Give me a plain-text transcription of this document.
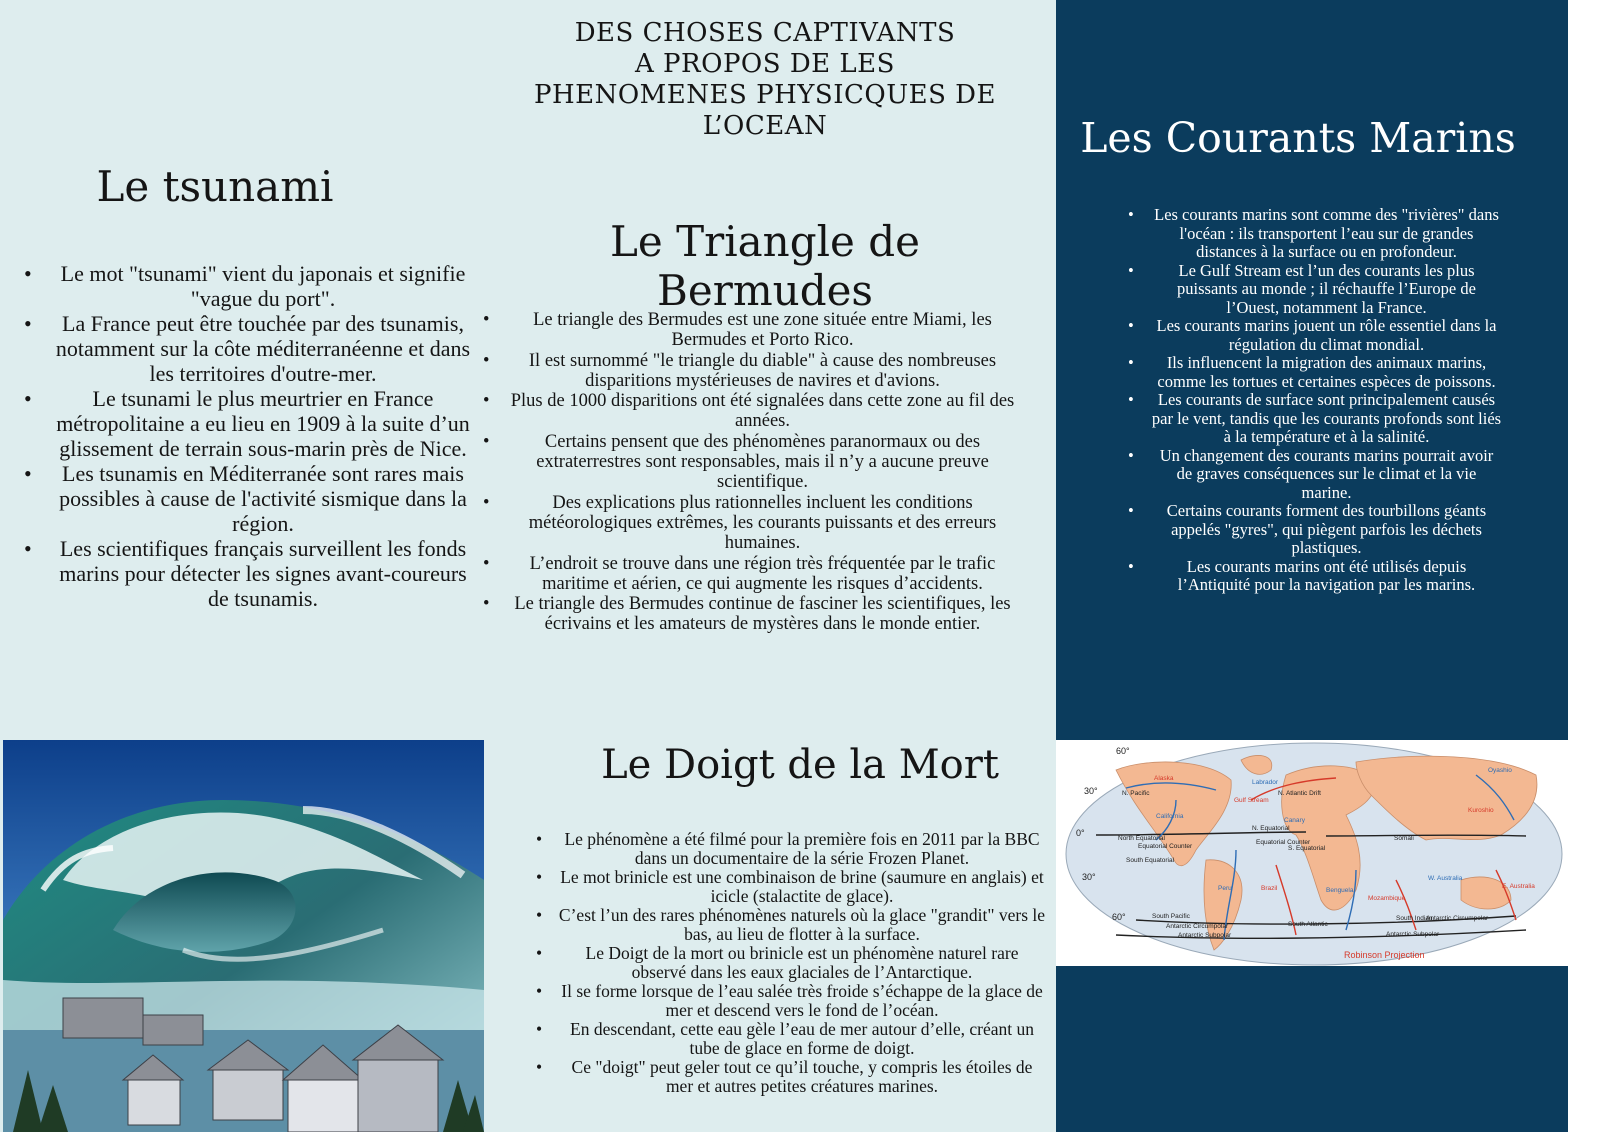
DES CHOSES CAPTIVANTS
A PROPOS DE LES
PHENOMENES PHYSICQUES DE
L’OCEAN
Le tsunami
• Le mot "tsunami" vient du japonais et signifie "vague du port".
• La France peut être touchée par des tsunamis, notamment sur la côte méditerranéenne et dans les territoires d'outre-mer.
• Le tsunami le plus meurtrier en France métropolitaine a eu lieu en 1909 à la suite d’un glissement de terrain sous-marin près de Nice.
• Les tsunamis en Méditerranée sont rares mais possibles à cause de l'activité sismique dans la région.
• Les scientifiques français surveillent les fonds marins pour détecter les signes avant-coureurs de tsunamis.
Le Triangle de Bermudes
• Le triangle des Bermudes est une zone située entre Miami, les Bermudes et Porto Rico.
• Il est surnommé "le triangle du diable" à cause des nombreuses disparitions mystérieuses de navires et d'avions.
• Plus de 1000 disparitions ont été signalées dans cette zone au fil des années.
• Certains pensent que des phénomènes paranormaux ou des extraterrestres sont responsables, mais il n’y a aucune preuve scientifique.
• Des explications plus rationnelles incluent les conditions météorologiques extrêmes, les courants puissants et des erreurs humaines.
• L’endroit se trouve dans une région très fréquentée par le trafic maritime et aérien, ce qui augmente les risques d’accidents.
• Le triangle des Bermudes continue de fasciner les scientifiques, les écrivains et les amateurs de mystères dans le monde entier.
Les Courants Marins
• Les courants marins sont comme des "rivières" dans l'océan : ils transportent l’eau sur de grandes distances à la surface ou en profondeur.
• Le Gulf Stream est l’un des courants les plus puissants au monde ; il réchauffe l’Europe de l’Ouest, notamment la France.
• Les courants marins jouent un rôle essentiel dans la régulation du climat mondial.
• Ils influencent la migration des animaux marins, comme les tortues et certaines espèces de poissons.
• Les courants de surface sont principalement causés par le vent, tandis que les courants profonds sont liés à la température et à la salinité.
• Un changement des courants marins pourrait avoir de graves conséquences sur le climat et la vie marine.
• Certains courants forment des tourbillons géants appelés "gyres", qui piègent parfois les déchets plastiques.
• Les courants marins ont été utilisés depuis l’Antiquité pour la navigation par les marins.
Le Doigt de la Mort
• Le phénomène a été filmé pour la première fois en 2011 par la BBC dans un documentaire de la série Frozen Planet.
• Le mot brinicle est une combinaison de brine (saumure en anglais) et icicle (stalactite de glace).
• C’est l’un des rares phénomènes naturels où la glace "grandit" vers le bas, au lieu de flotter à la surface.
• Le Doigt de la mort ou brinicle est un phénomène naturel rare observé dans les eaux glaciales de l’Antarctique.
• Il se forme lorsque de l’eau salée très froide s’échappe de la glace de mer et descend vers le fond de l’océan.
• En descendant, cette eau gèle l’eau de mer autour d’elle, créant un tube de glace en forme de doigt.
• Ce "doigt" peut geler tout ce qu’il touche, y compris les étoiles de mer et autres petites créatures marines.
60°
30°
0°
30°
60°
Alaska
N. Pacific
California
North Equatorial
Equatorial Counter
South Equatorial
Peru
South Pacific
Antarctic Circumpolar
Antarctic Subpolar
Labrador
Gulf Stream
N. Atlantic Drift
Canary
N. Equatorial
Equatorial Counter
S. Equatorial
Brazil	Benguela
South Atlantic
Mozambique
Somali
W. Australia
South Indian
Oyashio
Kuroshio
E. Australia
Antarctic Circumpolar
Antarctic Subpolar
Robinson Projection
